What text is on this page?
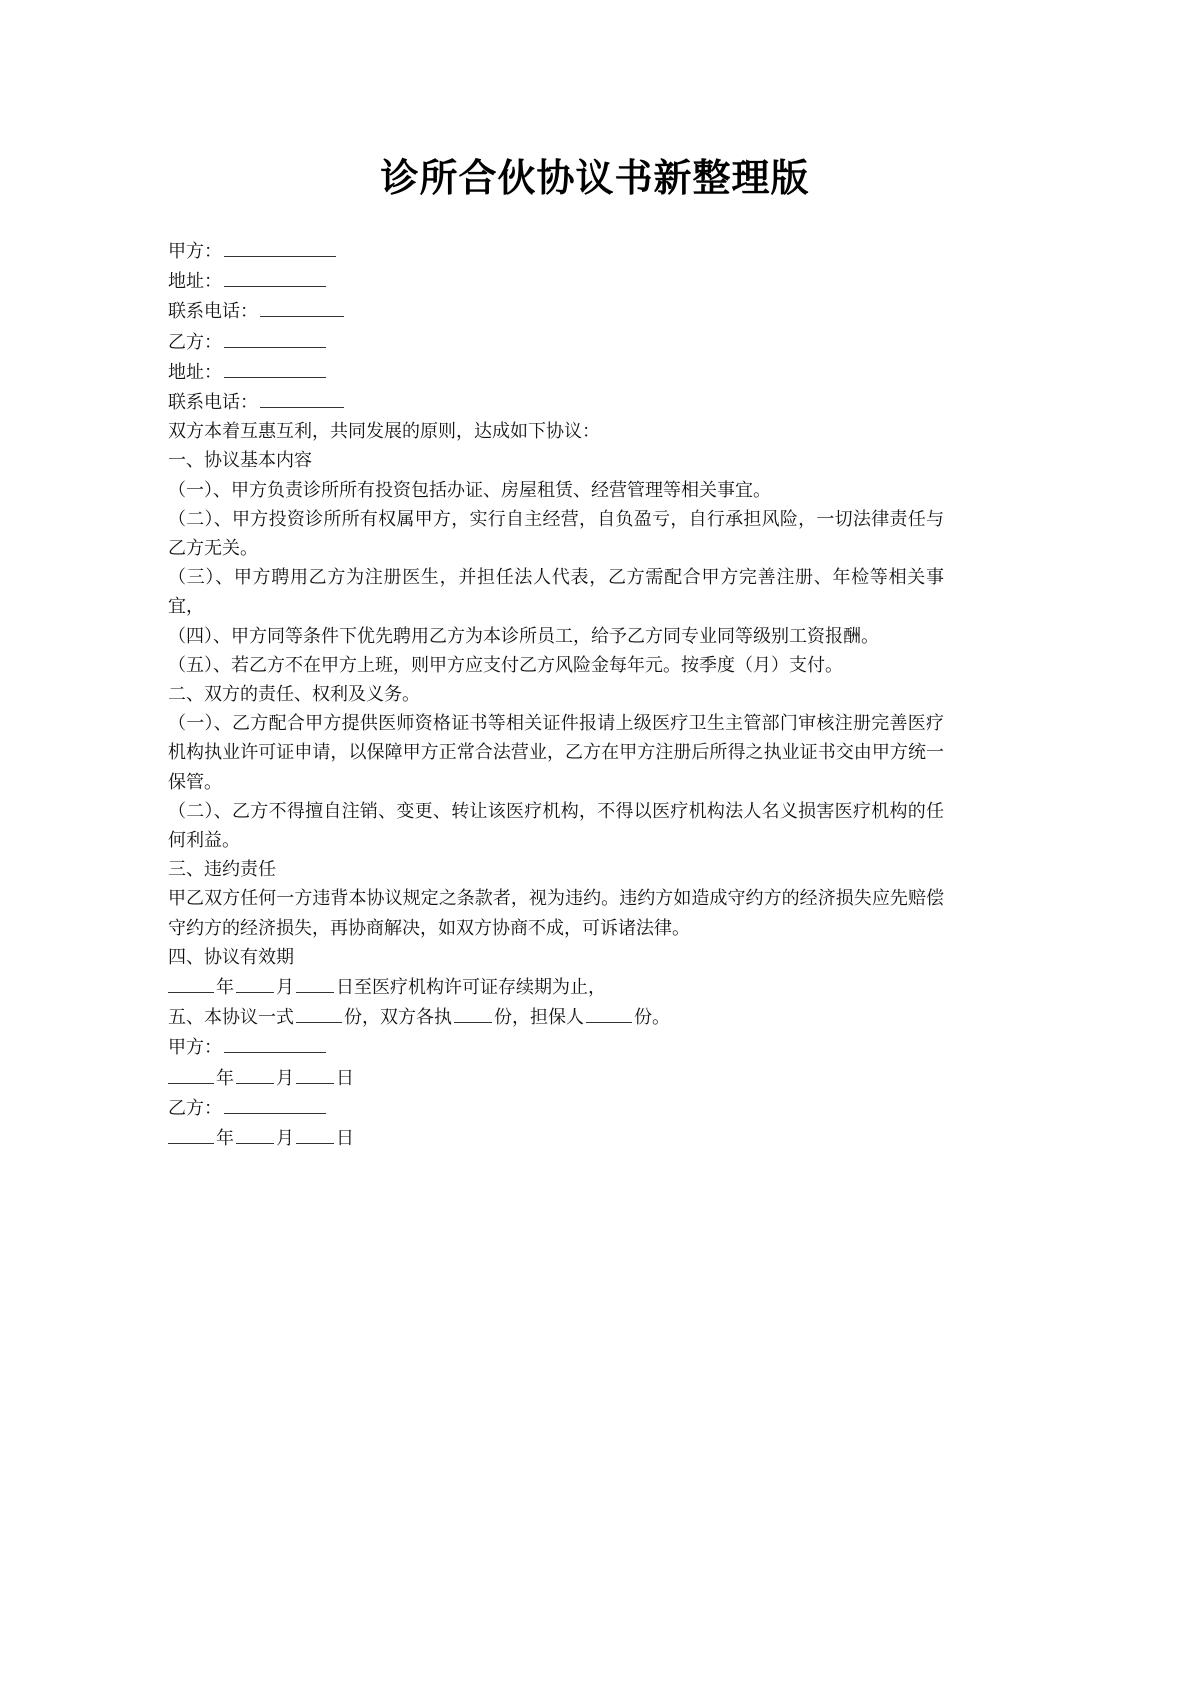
诊所合伙协议书新整理版
甲方：
地址：
联系电话：
乙方：
地址：
联系电话：
双方本着互惠互利，共同发展的原则，达成如下协议：
一、协议基本内容
（一）、甲方负责诊所所有投资包括办证、房屋租赁、经营管理等相关事宜。
（二）、甲方投资诊所所有权属甲方，实行自主经营，自负盈亏，自行承担风险，一切法律责任与乙方无关。
（三）、甲方聘用乙方为注册医生，并担任法人代表，乙方需配合甲方完善注册、年检等相关事宜，
（四）、甲方同等条件下优先聘用乙方为本诊所员工，给予乙方同专业同等级别工资报酬。
（五）、若乙方不在甲方上班，则甲方应支付乙方风险金每年元。按季度（月）支付。
二、双方的责任、权利及义务。
（一）、乙方配合甲方提供医师资格证书等相关证件报请上级医疗卫生主管部门审核注册完善医疗机构执业许可证申请，以保障甲方正常合法营业，乙方在甲方注册后所得之执业证书交由甲方统一保管。
（二）、乙方不得擅自注销、变更、转让该医疗机构，不得以医疗机构法人名义损害医疗机构的任何利益。
三、违约责任
甲乙双方任何一方违背本协议规定之条款者，视为违约。违约方如造成守约方的经济损失应先赔偿守约方的经济损失，再协商解决，如双方协商不成，可诉诸法律。
四、协议有效期
年 月 日至医疗机构许可证存续期为止，
五、本协议一式	份，双方各执 份，担保人	份。
甲方：
年 月 日
乙方：
年 月 日
